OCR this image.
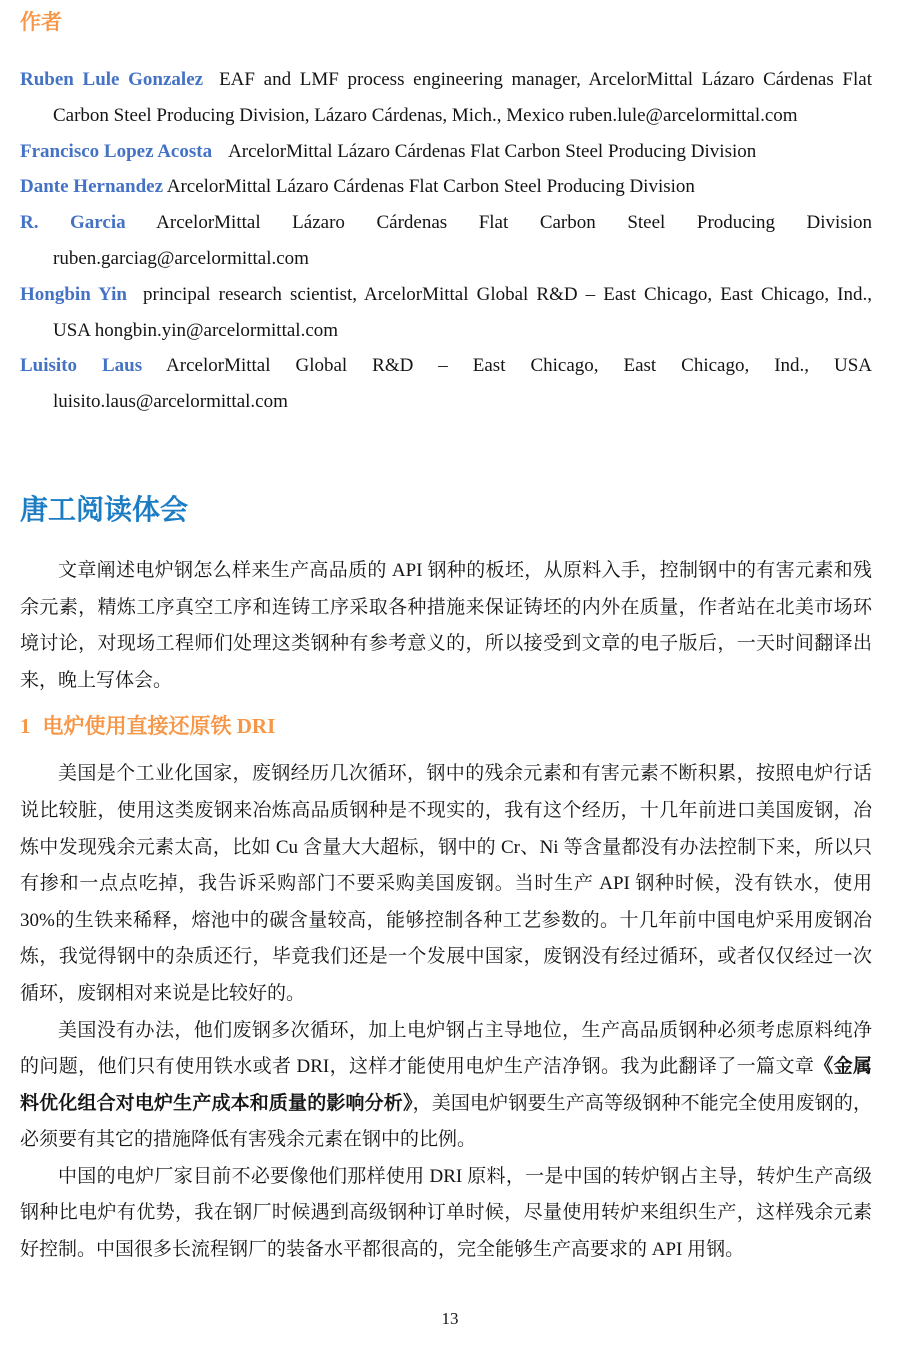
作者
Ruben Lule Gonzalez EAF and LMF process engineering manager, ArcelorMittal Lázaro Cárdenas Flat
Carbon Steel Producing Division, Lázaro Cárdenas, Mich., Mexico ruben.lule@arcelormittal.com
Francisco Lopez Acosta ArcelorMittal Lázaro Cárdenas Flat Carbon Steel Producing Division
Dante Hernandez ArcelorMittal Lázaro Cárdenas Flat Carbon Steel Producing Division
R. Garcia ArcelorMittal Lázaro Cárdenas Flat Carbon Steel Producing Division
ruben.garciag@arcelormittal.com
Hongbin Yin principal research scientist, ArcelorMittal Global R&D – East Chicago, East Chicago, Ind.,
USA hongbin.yin@arcelormittal.com
Luisito Laus ArcelorMittal Global R&D – East Chicago, East Chicago, Ind., USA
luisito.laus@arcelormittal.com
唐工阅读体会

文章阐述电炉钢怎么样来生产高品质的 API 钢种的板坯，从原料入手，控制钢中的有害元素和残余元素，精炼工序真空工序和连铸工序采取各种措施来保证铸坯的内外在质量，作者站在北美市场环境讨论，对现场工程师们处理这类钢种有参考意义的，所以接受到文章的电子版后，一天时间翻译出来，晚上写体会。

1 电炉使用直接还原铁 DRI

美国是个工业化国家，废钢经历几次循环，钢中的残余元素和有害元素不断积累，按照电炉行话说比较脏，使用这类废钢来冶炼高品质钢种是不现实的，我有这个经历，十几年前进口美国废钢，冶炼中发现残余元素太高，比如 Cu 含量大大超标，钢中的 Cr、Ni 等含量都没有办法控制下来，所以只有掺和一点点吃掉，我告诉采购部门不要采购美国废钢。当时生产 API 钢种时候，没有铁水，使用 30%的生铁来稀释，熔池中的碳含量较高，能够控制各种工艺参数的。十几年前中国电炉采用废钢冶炼，我觉得钢中的杂质还行，毕竟我们还是一个发展中国家，废钢没有经过循环，或者仅仅经过一次循环，废钢相对来说是比较好的。

美国没有办法，他们废钢多次循环，加上电炉钢占主导地位，生产高品质钢种必须考虑原料纯净的问题，他们只有使用铁水或者 DRI，这样才能使用电炉生产洁净钢。我为此翻译了一篇文章《金属料优化组合对电炉生产成本和质量的影响分析》，美国电炉钢要生产高等级钢种不能完全使用废钢的，必须要有其它的措施降低有害残余元素在钢中的比例。

中国的电炉厂家目前不必要像他们那样使用 DRI 原料，一是中国的转炉钢占主导，转炉生产高级钢种比电炉有优势，我在钢厂时候遇到高级钢种订单时候，尽量使用转炉来组织生产，这样残余元素好控制。中国很多长流程钢厂的装备水平都很高的，完全能够生产高要求的 API 用钢。

13
